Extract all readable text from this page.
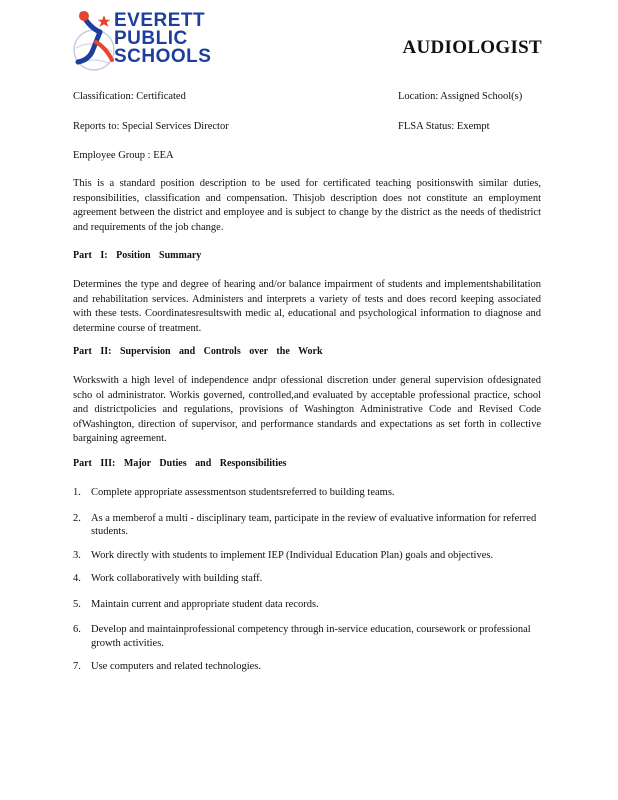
EVERETT
PUBLIC
SCHOOLS	AUDIOLOGIST
Classification: Certificated	Location: Assigned School(s)
Reports to: Special Services Director	FLSA Status: Exempt
Employee Group : EEA
This is a standard position description to be used for certificated teaching positionswith similar duties, responsibilities, classification and compensation. Thisjob description does not constitute an employment agreement between the district and employee and is subject to change by the district as the needs of thedistrict and requirements of the job change.
Part I: Position Summary
Determines the type and degree of hearing and/or balance impairment of students and implementshabilitation and rehabilitation services. Administers and interprets a variety of tests and does record keeping associated with these tests. Coordinatesresultswith medic al, educational and psychological information to diagnose and determine course of treatment.
Part II: Supervision and Controls over the Work
Workswith a high level of independence andpr ofessional discretion under general supervision ofdesignated scho ol administrator. Workis governed, controlled,and evaluated by acceptable professional practice, school and districtpolicies and regulations, provisions of Washington Administrative Code and Revised Code ofWashington, direction of supervisor, and performance standards and expectations as set forth in collective bargaining agreement.
Part III: Major Duties and Responsibilities
1. Complete appropriate assessmentson studentsreferred to building teams.
2. As a memberof a multi - disciplinary team, participate in the review of evaluative information for referred students.
3. Work directly with students to implement IEP (Individual Education Plan) goals and objectives.
4. Work collaboratively with building staff.
5. Maintain current and appropriate student data records.
6. Develop and maintainprofessional competency through in-service education, coursework or professional growth activities.
7. Use computers and related technologies.
